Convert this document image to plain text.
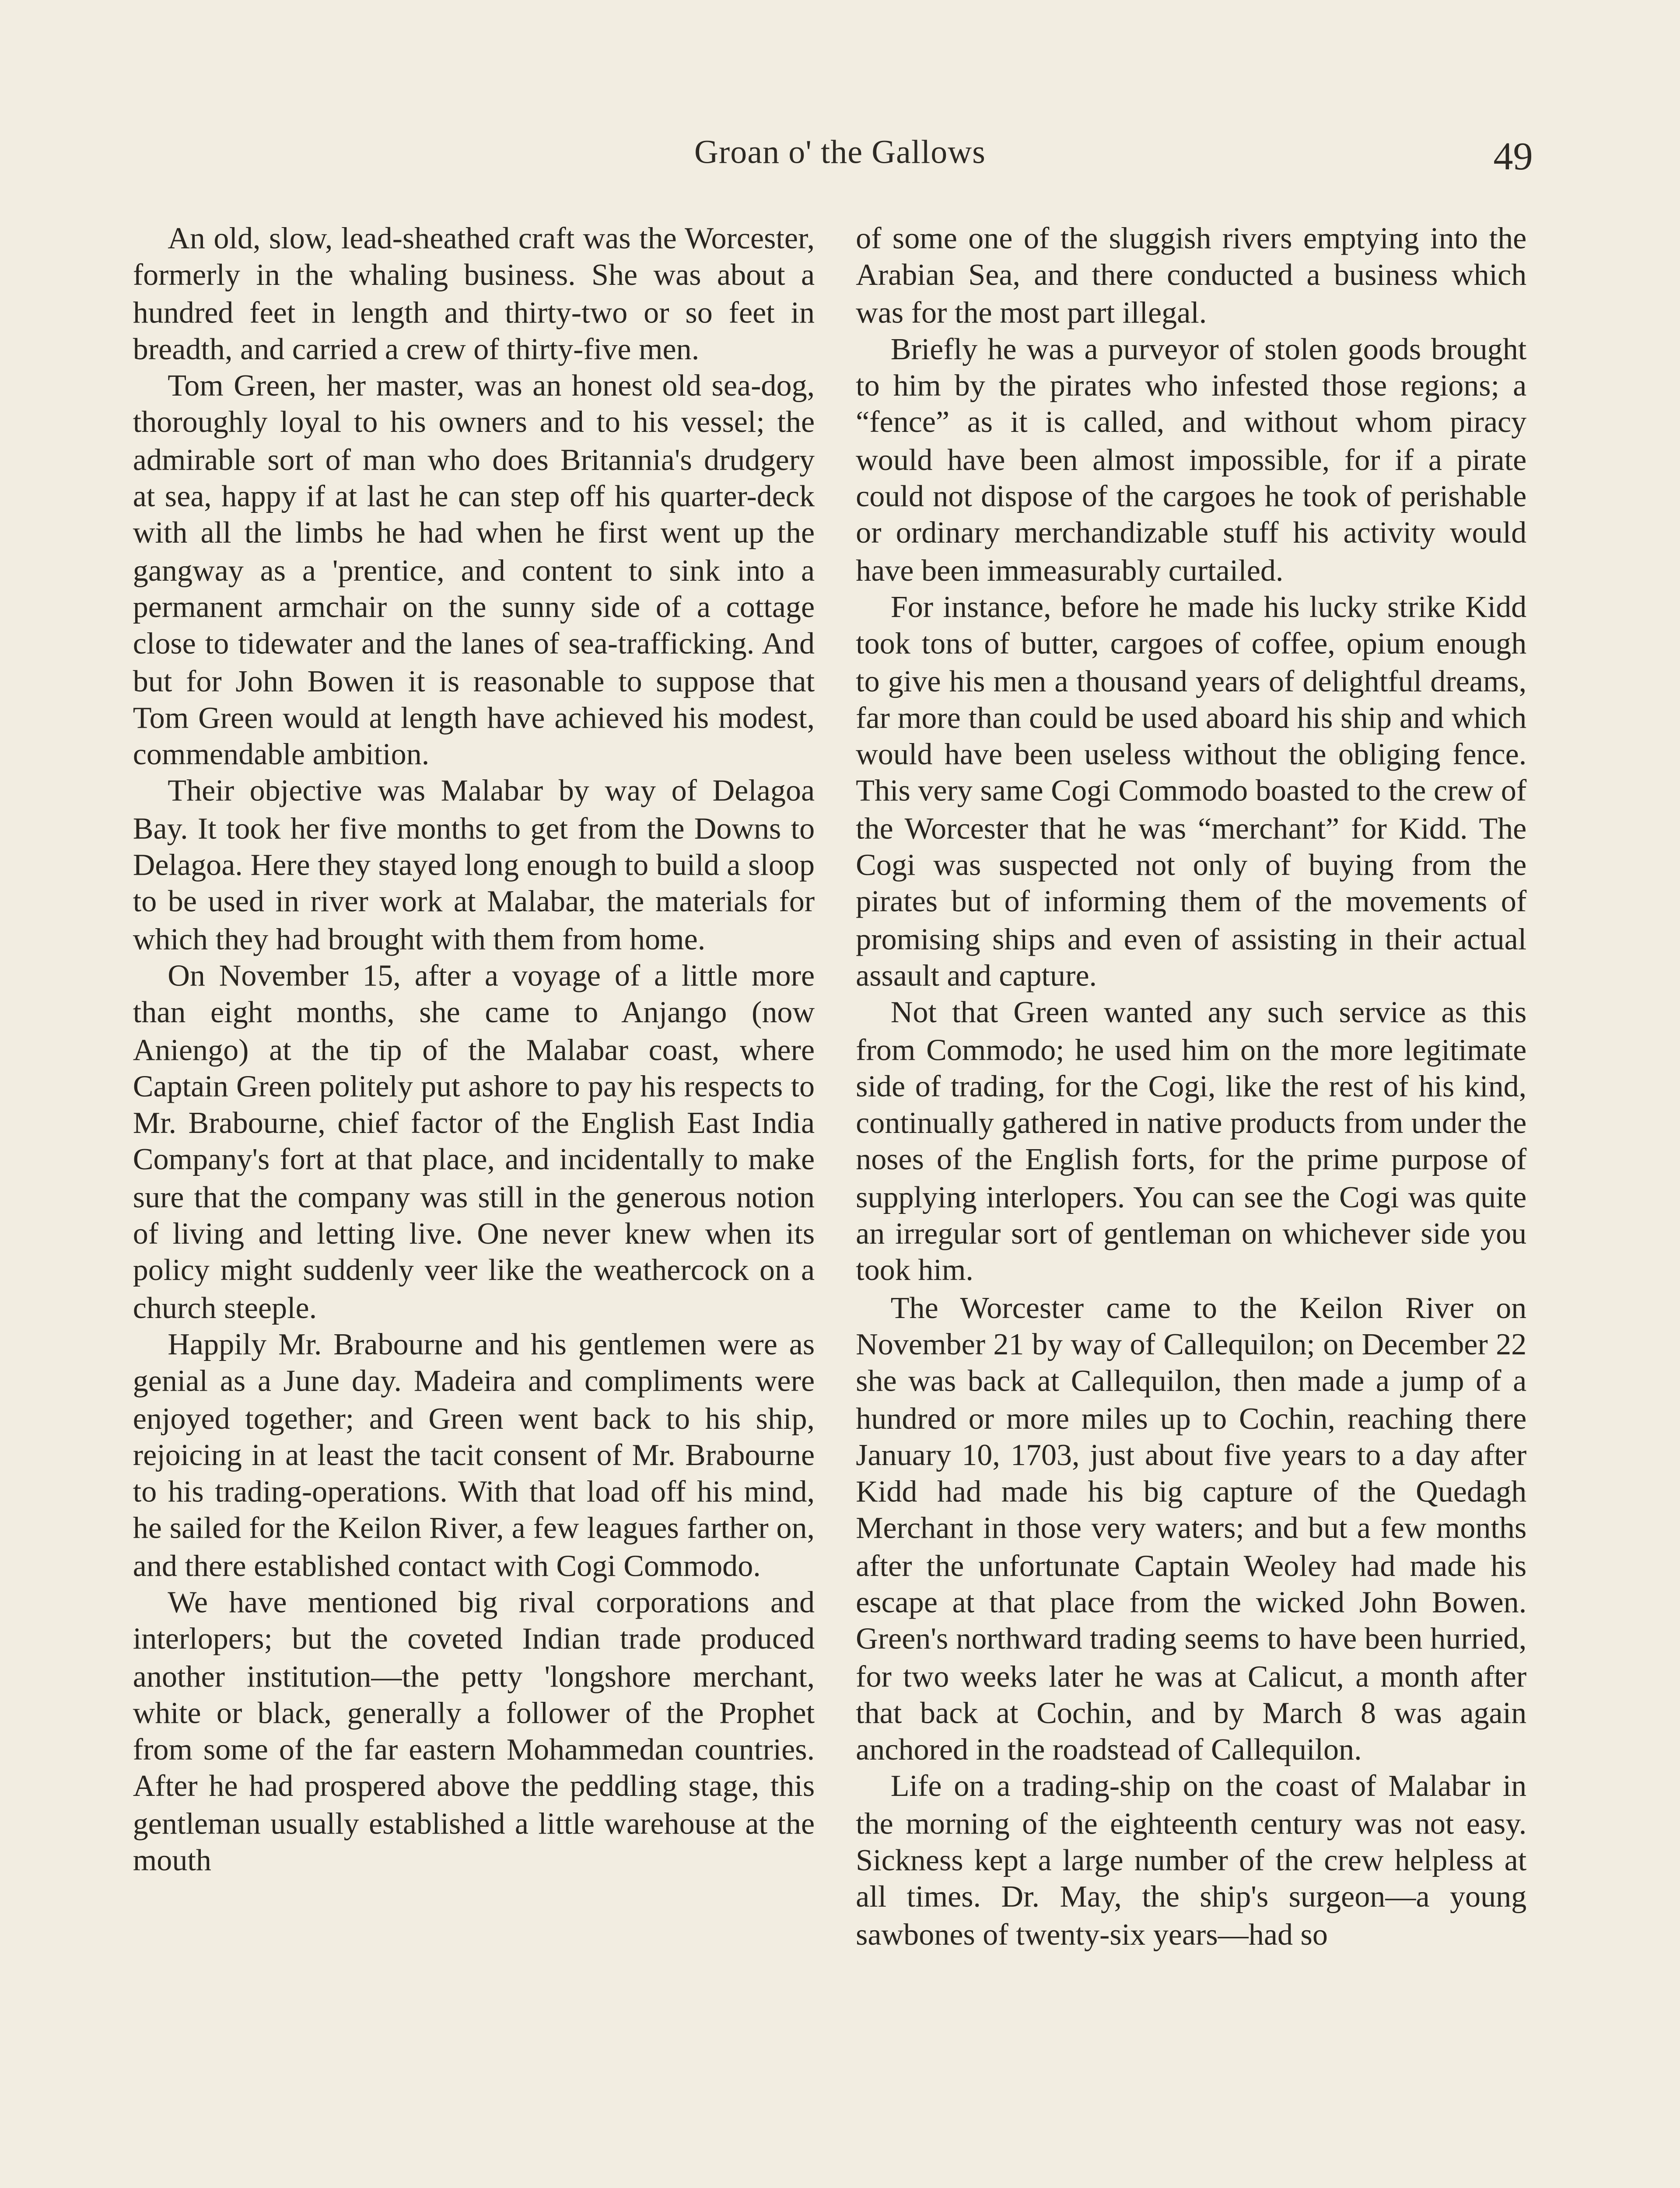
Groan o' the Gallows	49

An old, slow, lead-sheathed craft was the Worcester, formerly in the whaling business. She was about a hundred feet in length and thirty-two or so feet in breadth, and carried a crew of thirty-five men.

Tom Green, her master, was an honest old sea-dog, thoroughly loyal to his owners and to his vessel; the admirable sort of man who does Britannia's drudgery at sea, happy if at last he can step off his quarter-deck with all the limbs he had when he first went up the gangway as a 'prentice, and content to sink into a permanent armchair on the sunny side of a cottage close to tidewater and the lanes of sea-trafficking. And but for John Bowen it is reasonable to suppose that Tom Green would at length have achieved his modest, commendable ambition.

Their objective was Malabar by way of Delagoa Bay. It took her five months to get from the Downs to Delagoa. Here they stayed long enough to build a sloop to be used in river work at Malabar, the materials for which they had brought with them from home.

On November 15, after a voyage of a little more than eight months, she came to Anjango (now Aniengo) at the tip of the Malabar coast, where Captain Green politely put ashore to pay his respects to Mr. Brabourne, chief factor of the English East India Company's fort at that place, and incidentally to make sure that the company was still in the generous notion of living and letting live. One never knew when its policy might suddenly veer like the weathercock on a church steeple.

Happily Mr. Brabourne and his gentlemen were as genial as a June day. Madeira and compliments were enjoyed together; and Green went back to his ship, rejoicing in at least the tacit consent of Mr. Brabourne to his trading-operations. With that load off his mind, he sailed for the Keilon River, a few leagues farther on, and there established contact with Cogi Commodo.

We have mentioned big rival corporations and interlopers; but the coveted Indian trade produced another institution—the petty 'longshore merchant, white or black, generally a follower of the Prophet from some of the far eastern Mohammedan countries. After he had prospered above the peddling stage, this gentleman usually established a little warehouse at the mouth

of some one of the sluggish rivers emptying into the Arabian Sea, and there conducted a business which was for the most part illegal.

Briefly he was a purveyor of stolen goods brought to him by the pirates who infested those regions; a “fence” as it is called, and without whom piracy would have been almost impossible, for if a pirate could not dispose of the cargoes he took of perishable or ordinary merchandizable stuff his activity would have been immeasurably curtailed.

For instance, before he made his lucky strike Kidd took tons of butter, cargoes of coffee, opium enough to give his men a thousand years of delightful dreams, far more than could be used aboard his ship and which would have been useless without the obliging fence. This very same Cogi Commodo boasted to the crew of the Worcester that he was “merchant” for Kidd. The Cogi was suspected not only of buying from the pirates but of informing them of the movements of promising ships and even of assisting in their actual assault and capture.

Not that Green wanted any such service as this from Commodo; he used him on the more legitimate side of trading, for the Cogi, like the rest of his kind, continually gathered in native products from under the noses of the English forts, for the prime purpose of supplying interlopers. You can see the Cogi was quite an irregular sort of gentleman on whichever side you took him.

The Worcester came to the Keilon River on November 21 by way of Callequilon; on December 22 she was back at Callequilon, then made a jump of a hundred or more miles up to Cochin, reaching there January 10, 1703, just about five years to a day after Kidd had made his big capture of the Quedagh Merchant in those very waters; and but a few months after the unfortunate Captain Weoley had made his escape at that place from the wicked John Bowen. Green's northward trading seems to have been hurried, for two weeks later he was at Calicut, a month after that back at Cochin, and by March 8 was again anchored in the roadstead of Callequilon.

Life on a trading-ship on the coast of Malabar in the morning of the eighteenth century was not easy. Sickness kept a large number of the crew helpless at all times. Dr. May, the ship's surgeon—a young sawbones of twenty-six years—had so
